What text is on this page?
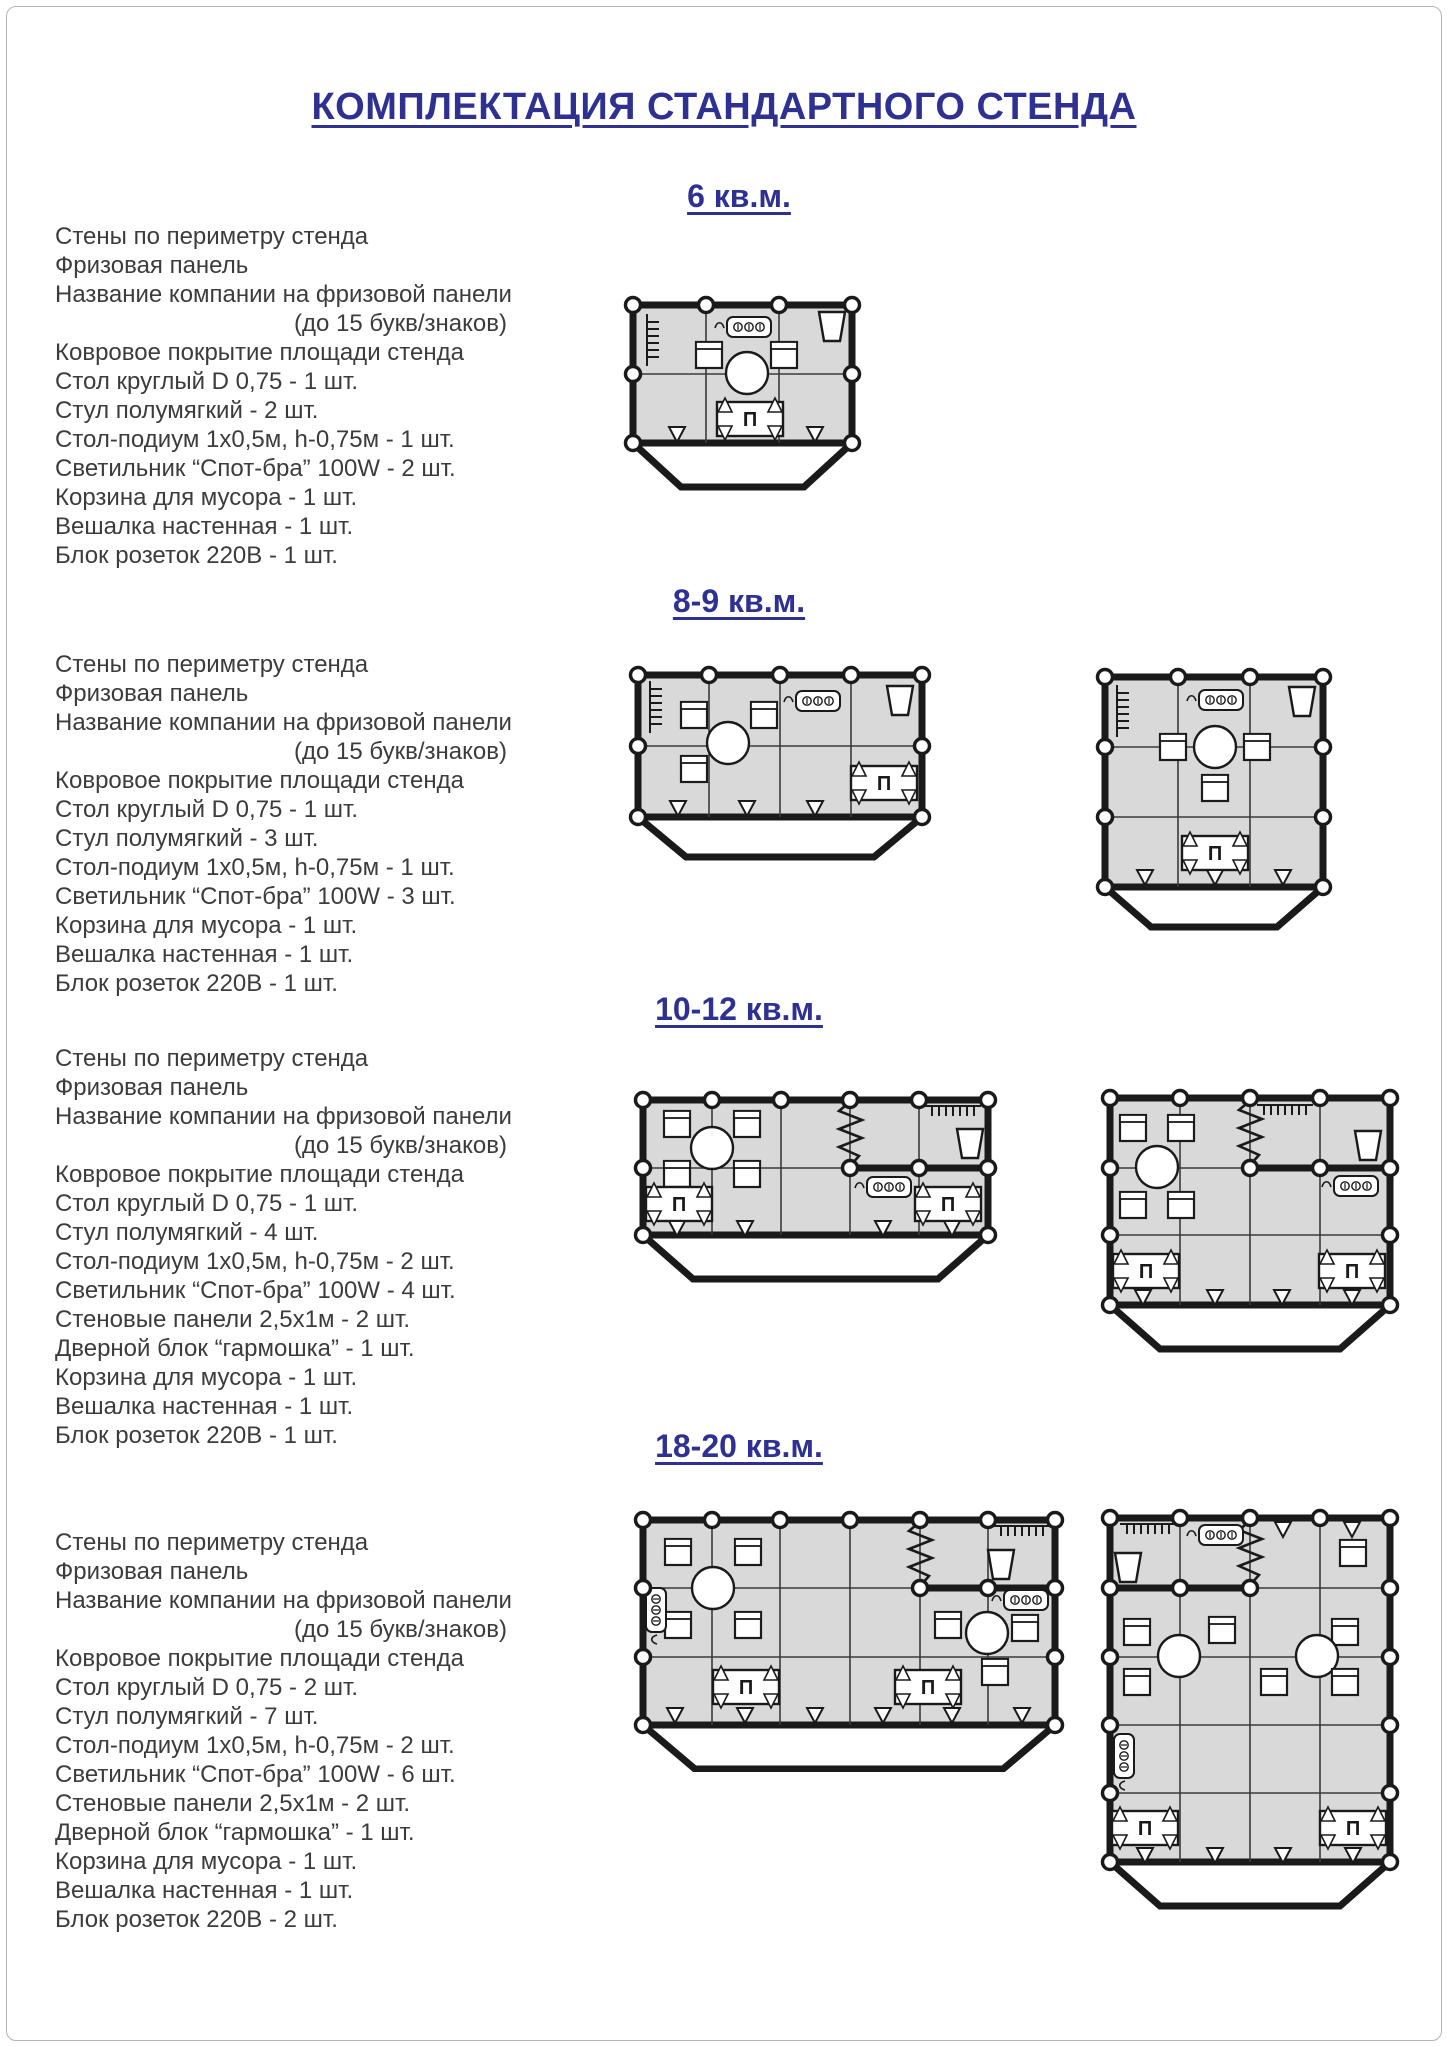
КОМПЛЕКТАЦИЯ СТАНДАРТНОГО СТЕНДА
6 кв.м.
8-9 кв.м.
10-12 кв.м.
18-20 кв.м.
Стены по периметру стенда
Фризовая панель
Название компании на фризовой панели
(до 15 букв/знаков)
Ковровое покрытие площади стенда
Стол круглый D 0,75 - 1 шт.
Стул полумягкий - 2 шт.
Стол-подиум 1х0,5м, h-0,75м - 1 шт.
Светильник “Спот-бра” 100W - 2 шт.
Корзина для мусора - 1 шт.
Вешалка настенная - 1 шт.
Блок розеток 220В - 1 шт.
Стены по периметру стенда
Фризовая панель
Название компании на фризовой панели
(до 15 букв/знаков)
Ковровое покрытие площади стенда
Стол круглый D 0,75 - 1 шт.
Стул полумягкий - 3 шт.
Стол-подиум 1х0,5м, h-0,75м - 1 шт.
Светильник “Спот-бра” 100W - 3 шт.
Корзина для мусора - 1 шт.
Вешалка настенная - 1 шт.
Блок розеток 220В - 1 шт.
Стены по периметру стенда
Фризовая панель
Название компании на фризовой панели
(до 15 букв/знаков)
Ковровое покрытие площади стенда
Стол круглый D 0,75 - 1 шт.
Стул полумягкий - 4 шт.
Стол-подиум 1х0,5м, h-0,75м - 2 шт.
Светильник “Спот-бра” 100W - 4 шт.
Стеновые панели 2,5х1м - 2 шт.
Дверной блок “гармошка” - 1 шт.
Корзина для мусора - 1 шт.
Вешалка настенная - 1 шт.
Блок розеток 220В - 1 шт.
Стены по периметру стенда
Фризовая панель
Название компании на фризовой панели
(до 15 букв/знаков)
Ковровое покрытие площади стенда
Стол круглый D 0,75 - 2 шт.
Стул полумягкий - 7 шт.
Стол-подиум 1х0,5м, h-0,75м - 2 шт.
Светильник “Спот-бра” 100W - 6 шт.
Стеновые панели 2,5х1м - 2 шт.
Дверной блок “гармошка” - 1 шт.
Корзина для мусора - 1 шт.
Вешалка настенная - 1 шт.
Блок розеток 220В - 2 шт.
П
П
П
П	П
П	П
П	П
П	П
